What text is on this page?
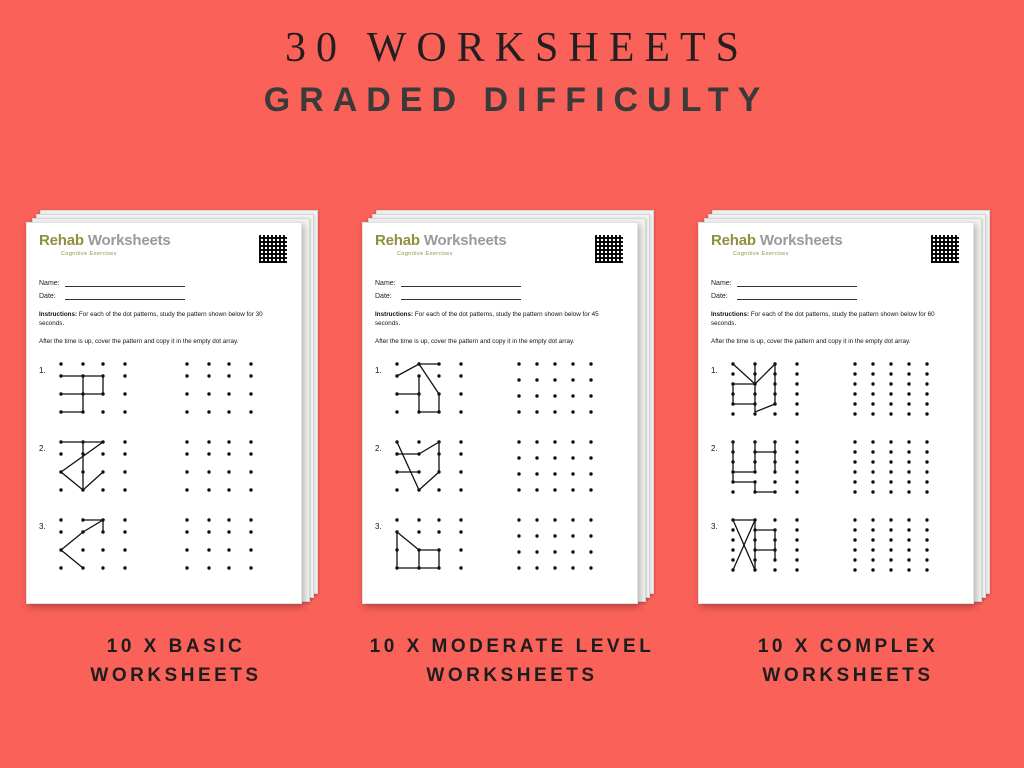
30 WORKSHEETS
GRADED DIFFICULTY
Rehab Worksheets
Cognitive Exercises
Name:
Date:
Instructions: For each of the dot patterns, study the pattern shown below for 30 seconds.
After the time is up, cover the pattern and copy it in the empty dot array.
1.
2.
3.
10 X BASIC
WORKSHEETS
Rehab Worksheets
Cognitive Exercises
Name:
Date:
Instructions: For each of the dot patterns, study the pattern shown below for 45 seconds.
After the time is up, cover the pattern and copy it in the empty dot array.
1.
2.
3.
10 X MODERATE LEVEL
WORKSHEETS
Rehab Worksheets
Cognitive Exercises
Name:
Date:
Instructions: For each of the dot patterns, study the pattern shown below for 60 seconds.
After the time is up, cover the pattern and copy it in the empty dot array.
1.
2.
3.
10 X COMPLEX
WORKSHEETS
